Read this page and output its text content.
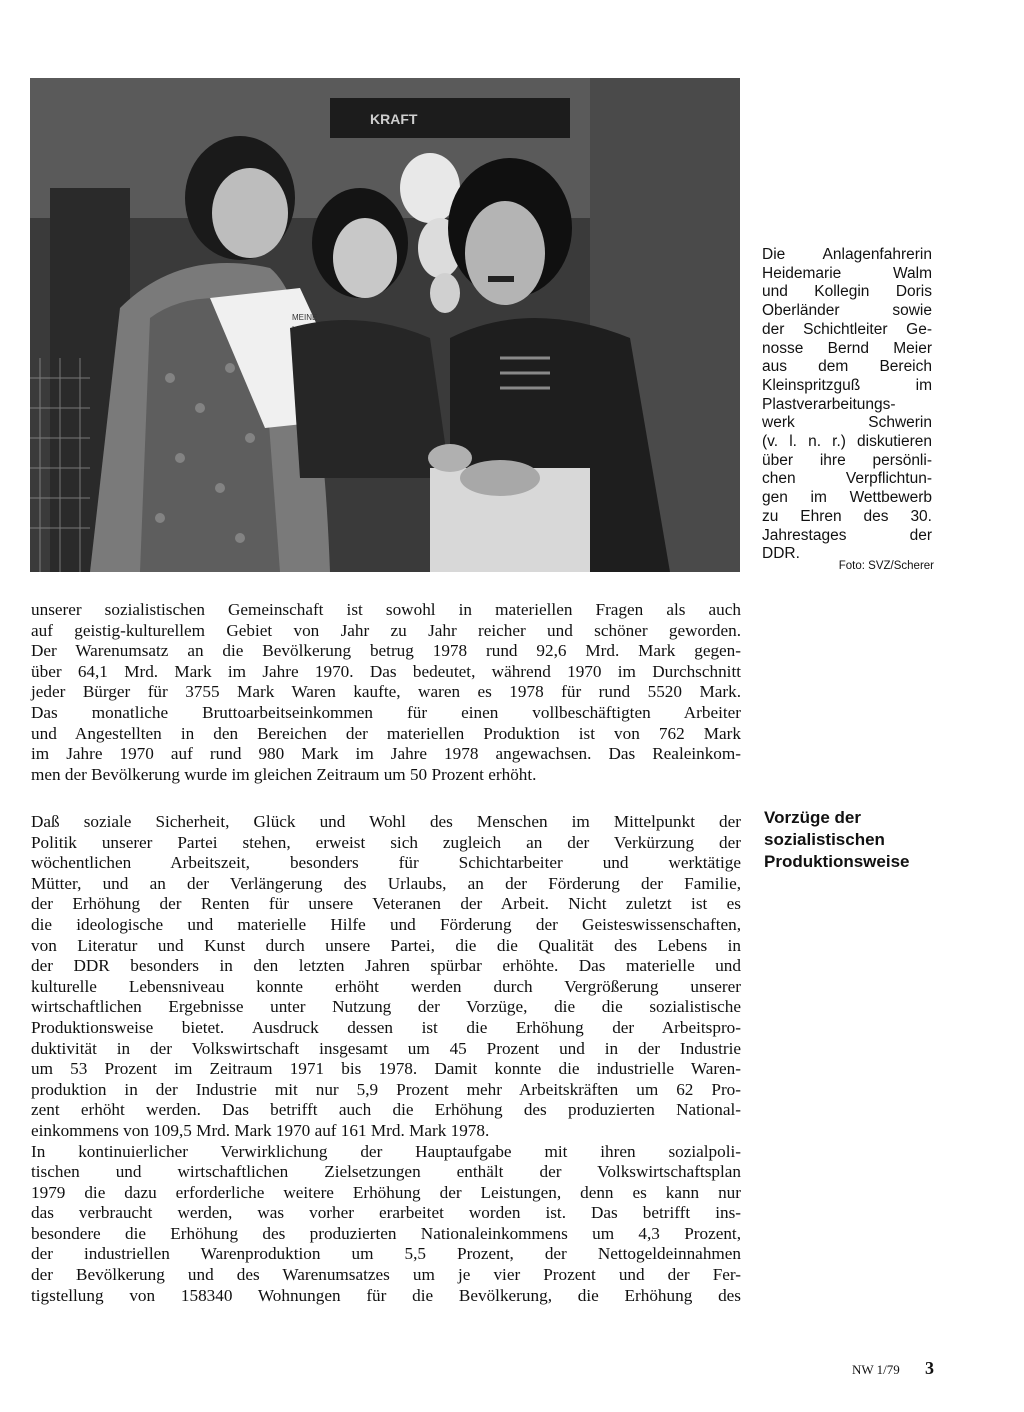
KRAFT
MEINE
Die Anlagenfahrerin
Heidemarie Walm
und Kollegin Doris
Oberländer sowie
der Schichtleiter Ge-
nosse Bernd Meier
aus dem Bereich
Kleinspritzguß im
Plastverarbeitungs-
werk Schwerin
(v. l. n. r.) diskutieren
über ihre persönli-
chen Verpflichtun-
gen im Wettbewerb
zu Ehren des 30.
Jahrestages der
DDR.
Foto: SVZ/Scherer
unserer sozialistischen Gemeinschaft ist sowohl in materiellen Fragen als auch
auf geistig-kulturellem Gebiet von Jahr zu Jahr reicher und schöner geworden.
Der Warenumsatz an die Bevölkerung betrug 1978 rund 92,6 Mrd. Mark gegen-
über 64,1 Mrd. Mark im Jahre 1970. Das bedeutet, während 1970 im Durchschnitt
jeder Bürger für 3755 Mark Waren kaufte, waren es 1978 für rund 5520 Mark.
Das monatliche Bruttoarbeitseinkommen für einen vollbeschäftigten Arbeiter
und Angestellten in den Bereichen der materiellen Produktion ist von 762 Mark
im Jahre 1970 auf rund 980 Mark im Jahre 1978 angewachsen. Das Realeinkom-
men der Bevölkerung wurde im gleichen Zeitraum um 50 Prozent erhöht.
Vorzüge der
sozialistischen
Produktionsweise
Daß soziale Sicherheit, Glück und Wohl des Menschen im Mittelpunkt der
Politik unserer Partei stehen, erweist sich zugleich an der Verkürzung der
wöchentlichen Arbeitszeit, besonders für Schichtarbeiter und werktätige
Mütter, und an der Verlängerung des Urlaubs, an der Förderung der Familie,
der Erhöhung der Renten für unsere Veteranen der Arbeit. Nicht zuletzt ist es
die ideologische und materielle Hilfe und Förderung der Geisteswissenschaften,
von Literatur und Kunst durch unsere Partei, die die Qualität des Lebens in
der DDR besonders in den letzten Jahren spürbar erhöhte. Das materielle und
kulturelle Lebensniveau konnte erhöht werden durch Vergrößerung unserer
wirtschaftlichen Ergebnisse unter Nutzung der Vorzüge, die die sozialistische
Produktionsweise bietet. Ausdruck dessen ist die Erhöhung der Arbeitspro-
duktivität in der Volkswirtschaft insgesamt um 45 Prozent und in der Industrie
um 53 Prozent im Zeitraum 1971 bis 1978. Damit konnte die industrielle Waren-
produktion in der Industrie mit nur 5,9 Prozent mehr Arbeitskräften um 62 Pro-
zent erhöht werden. Das betrifft auch die Erhöhung des produzierten National-
einkommens von 109,5 Mrd. Mark 1970 auf 161 Mrd. Mark 1978.
In kontinuierlicher Verwirklichung der Hauptaufgabe mit ihren sozialpoli-
tischen und wirtschaftlichen Zielsetzungen enthält der Volkswirtschaftsplan
1979 die dazu erforderliche weitere Erhöhung der Leistungen, denn es kann nur
das verbraucht werden, was vorher erarbeitet worden ist. Das betrifft ins-
besondere die Erhöhung des produzierten Nationaleinkommens um 4,3 Prozent,
der industriellen Warenproduktion um 5,5 Prozent, der Nettogeldeinnahmen
der Bevölkerung und des Warenumsatzes um je vier Prozent und der Fer-
tigstellung von 158340 Wohnungen für die Bevölkerung, die Erhöhung des
NW 1/79 3
